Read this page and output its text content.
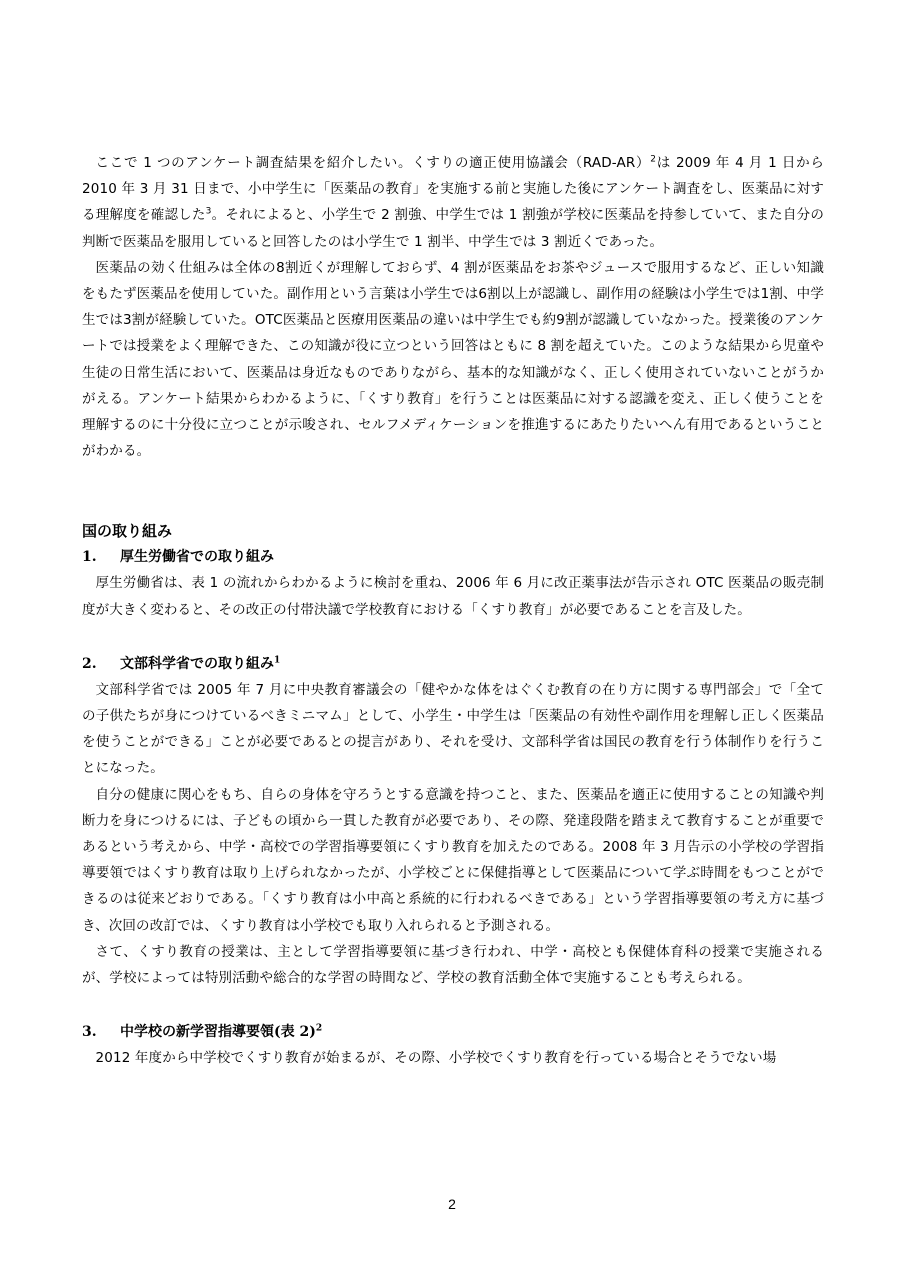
ここで 1 つのアンケート調査結果を紹介したい。くすりの適正使用協議会$(RAD-AR)^2$は 2009 年 4 月 1 日から 2010 年 3 月 31 日まで、小中学生に「医薬品の教育」を実施する前と実施した後にアンケート調査をし、医薬品に対する理解度を確認した$^3$。それによると、小学生で 2 割強、中学生では 1 割強が学校に医薬品を持参していて、また自分の判断で医薬品を服用していると回答したのは小学生で 1 割半、中学生では 3 割近くであった。

医薬品の効く仕組みは全体の8割近くが理解しておらず、4 割が医薬品をお茶やジュースで服用するなど、正しい知識をもたず医薬品を使用していた。副作用という言葉は小学生では6割以上が認識し、副作用の経験は小学生では1割、中学生では3割が経験していた。OTC医薬品と医療用医薬品の違いは中学生でも約9割が認識していなかった。授業後のアンケートでは授業をよく理解できた、この知識が役に立つという回答はともに 8 割を超えていた。このような結果から児童や生徒の日常生活において、医薬品は身近なものでありながら、基本的な知識がなく、正しく使用されていないことがうかがえる。アンケート結果からわかるように、「くすり教育」を行うことは医薬品に対する認識を変え、正しく使うことを理解するのに十分役に立つことが示唆され、セルフメディケーションを推進するにあたりたいへん有用であるということがわかる。

国の取り組み
1. 厚生労働省での取り組み

厚生労働省は、表 1 の流れからわかるように検討を重ね、2006 年 6 月に改正薬事法が告示され OTC 医薬品の販売制度が大きく変わると、その改正の付帯決議で学校教育における「くすり教育」が必要であることを言及した。

2. 文部科学省での取り組み$^1$

文部科学省では 2005 年 7 月に中央教育審議会の「健やかな体をはぐくむ教育の在り方に関する専門部会」で「全ての子供たちが身につけているべきミニマム」として、小学生・中学生は「医薬品の有効性や副作用を理解し正しく医薬品を使うことができる」ことが必要であるとの提言があり、それを受け、文部科学省は国民の教育を行う体制作りを行うことになった。

自分の健康に関心をもち、自らの身体を守ろうとする意識を持つこと、また、医薬品を適正に使用することの知識や判断力を身につけるには、子どもの頃から一貫した教育が必要であり、その際、発達段階を踏まえて教育することが重要であるという考えから、中学・高校での学習指導要領にくすり教育を加えたのである。2008 年 3 月告示の小学校の学習指導要領ではくすり教育は取り上げられなかったが、小学校ごとに保健指導として医薬品について学ぶ時間をもつことができるのは従来どおりである。「くすり教育は小中高と系統的に行われるべきである」という学習指導要領の考え方に基づき、次回の改訂では、くすり教育は小学校でも取り入れられると予測される。

さて、くすり教育の授業は、主として学習指導要領に基づき行われ、中学・高校とも保健体育科の授業で実施されるが、学校によっては特別活動や総合的な学習の時間など、学校の教育活動全体で実施することも考えられる。

3. 中学校の新学習指導要領(表 2)$^2$

2012 年度から中学校でくすり教育が始まるが、その際、小学校でくすり教育を行っている場合とそうでない場

2
